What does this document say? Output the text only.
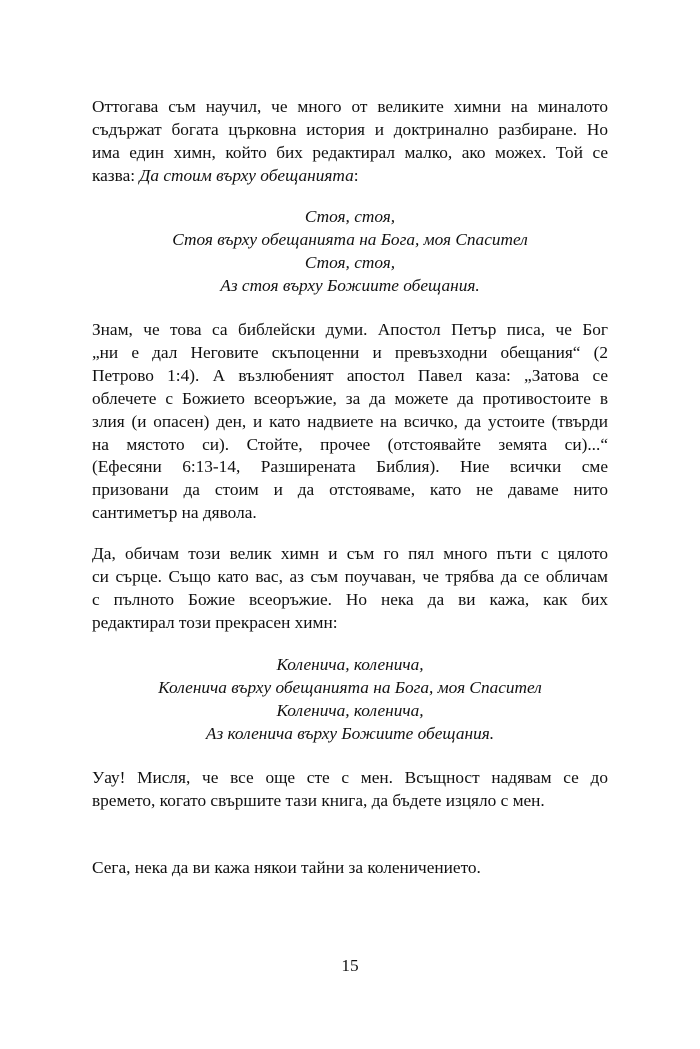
Оттогава съм научил, че много от великите химни на миналото
съдържат богата църковна история и доктринално разбиране. Но
има един химн, който бих редактирал малко, ако можех. Той се
казва: Да стоим върху обещанията:
Стоя, стоя,
Стоя върху обещанията на Бога, моя Спасител
Стоя, стоя,
Аз стоя върху Божиите обещания.
Знам, че това са библейски думи. Апостол Петър писа, че Бог
„ни е дал Неговите скъпоценни и превъзходни обещания“ (2
Петрово 1:4). А възлюбеният апостол Павел каза: „Затова се
облечете с Божието всеоръжие, за да можете да противостоите в
злия (и опасен) ден, и като надвиете на всичко, да устоите (твърди
на мястото си). Стойте, прочее (отстоявайте земята си)...“
(Ефесяни 6:13-14, Разширената Библия). Ние всички сме
призовани да стоим и да отстояваме, като не даваме нито
сантиметър на дявола.
Да, обичам този велик химн и съм го пял много пъти с цялото
си сърце. Също като вас, аз съм поучаван, че трябва да се обличам
с пълното Божие всеоръжие. Но нека да ви кажа, как бих
редактирал този прекрасен химн:
Коленича, коленича,
Коленича върху обещанията на Бога, моя Спасител
Коленича, коленича,
Аз коленича върху Божиите обещания.
Уау! Мисля, че все още сте с мен. Всъщност надявам се до
времето, когато свършите тази книга, да бъдете изцяло с мен.
Сега, нека да ви кажа някои тайни за коленичението.
15
